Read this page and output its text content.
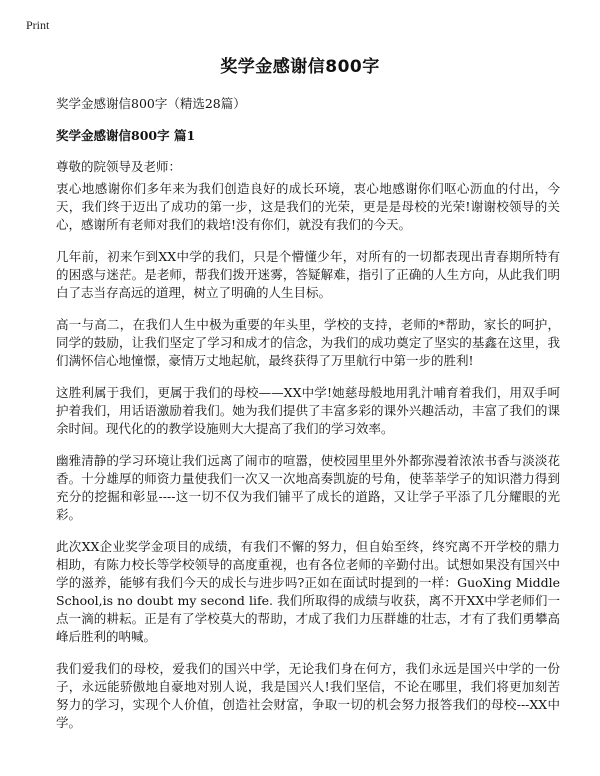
Print
奖学金感谢信800字
奖学金感谢信800字（精选28篇）
奖学金感谢信800字 篇1
尊敬的院领导及老师：

衷心地感谢你们多年来为我们创造良好的成长环境，衷心地感谢你们呕心沥血的付出，今天，我们终于迈出了成功的第一步，这是我们的光荣，更是是母校的光荣!谢谢校领导的关心，感谢所有老师对我们的栽培!没有你们，就没有我们的今天。

几年前，初来乍到XX中学的我们，只是个懵懂少年，对所有的一切都表现出青春期所特有的困惑与迷茫。是老师，帮我们拨开迷雾，答疑解难，指引了正确的人生方向，从此我们明白了志当存高远的道理，树立了明确的人生目标。

高一与高二，在我们人生中极为重要的年头里，学校的支持，老师的*帮助，家长的呵护，同学的鼓励，让我们坚定了学习和成才的信念，为我们的成功奠定了坚实的基鑫在这里，我们满怀信心地憧憬，豪情万丈地起航，最终获得了万里航行中第一步的胜利!

这胜利属于我们，更属于我们的母校——XX中学!她慈母般地用乳汁哺育着我们，用双手呵护着我们，用话语激励着我们。她为我们提供了丰富多彩的课外兴趣活动，丰富了我们的课余时间。现代化的的教学设施则大大提高了我们的学习效率。

幽雅清静的学习环境让我们远离了闹市的喧嚣，使校园里里外外都弥漫着浓浓书香与淡淡花香。十分雄厚的师资力量使我们一次又一次地高奏凯旋的号角，使莘莘学子的知识潜力得到充分的挖掘和彰显----这一切不仅为我们铺平了成长的道路，又让学子平添了几分耀眼的光彩。

此次XX企业奖学金项目的成绩，有我们不懈的努力，但自始至终，终究离不开学校的鼎力相助，有陈力校长等学校领导的高度重视，也有各位老师的辛勤付出。试想如果没有国兴中学的滋养，能够有我们今天的成长与进步吗?正如在面试时提到的一样：GuoXing Middle School,is no doubt my second life. 我们所取得的成绩与收获，离不开XX中学老师们一点一滴的耕耘。正是有了学校莫大的帮助，才成了我们力压群雄的壮志，才有了我们勇攀高峰后胜利的呐喊。

我们爱我们的母校，爱我们的国兴中学，无论我们身在何方，我们永远是国兴中学的一份子，永远能骄傲地自豪地对别人说，我是国兴人!我们坚信，不论在哪里，我们将更加刻苦努力的学习，实现个人价值，创造社会财富，争取一切的机会努力报答我们的母校---XX中学。
